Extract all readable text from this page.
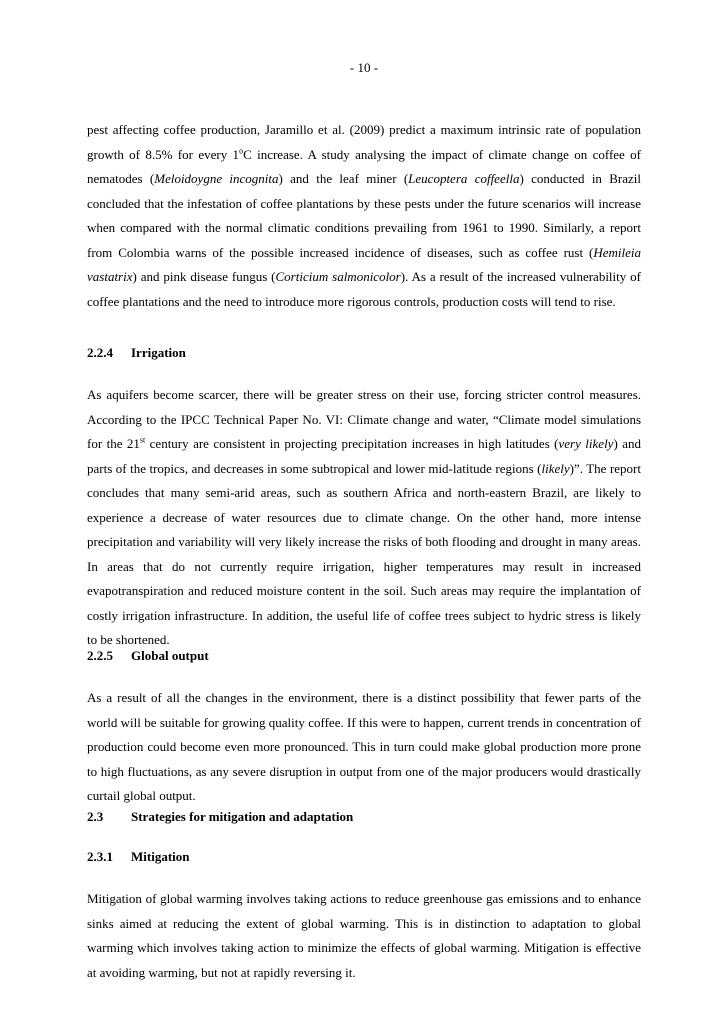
- 10 -

pest affecting coffee production, Jaramillo et al. (2009) predict a maximum intrinsic rate of population growth of 8.5% for every 1$^o$C increase. A study analysing the impact of climate change on coffee of nematodes (Meloidoygne incognita) and the leaf miner (Leucoptera coffeella) conducted in Brazil concluded that the infestation of coffee plantations by these pests under the future scenarios will increase when compared with the normal climatic conditions prevailing from 1961 to 1990. Similarly, a report from Colombia warns of the possible increased incidence of diseases, such as coffee rust (Hemileia vastatrix) and pink disease fungus (Corticium salmonicolor). As a result of the increased vulnerability of coffee plantations and the need to introduce more rigorous controls, production costs will tend to rise.

2.2.4 Irrigation

As aquifers become scarcer, there will be greater stress on their use, forcing stricter control measures. According to the IPCC Technical Paper No. VI: Climate change and water, “Climate model simulations for the 21st century are consistent in projecting precipitation increases in high latitudes (very likely) and parts of the tropics, and decreases in some subtropical and lower mid-latitude regions (likely)”. The report concludes that many semi-arid areas, such as southern Africa and north-eastern Brazil, are likely to experience a decrease of water resources due to climate change. On the other hand, more intense precipitation and variability will very likely increase the risks of both flooding and drought in many areas. In areas that do not currently require irrigation, higher temperatures may result in increased evapotranspiration and reduced moisture content in the soil. Such areas may require the implantation of costly irrigation infrastructure. In addition, the useful life of coffee trees subject to hydric stress is likely to be shortened.

2.2.5 Global output

As a result of all the changes in the environment, there is a distinct possibility that fewer parts of the world will be suitable for growing quality coffee. If this were to happen, current trends in concentration of production could become even more pronounced. This in turn could make global production more prone to high fluctuations, as any severe disruption in output from one of the major producers would drastically curtail global output.

2.3 Strategies for mitigation and adaptation
2.3.1 Mitigation

Mitigation of global warming involves taking actions to reduce greenhouse gas emissions and to enhance sinks aimed at reducing the extent of global warming. This is in distinction to adaptation to global warming which involves taking action to minimize the effects of global warming. Mitigation is effective at avoiding warming, but not at rapidly reversing it.
